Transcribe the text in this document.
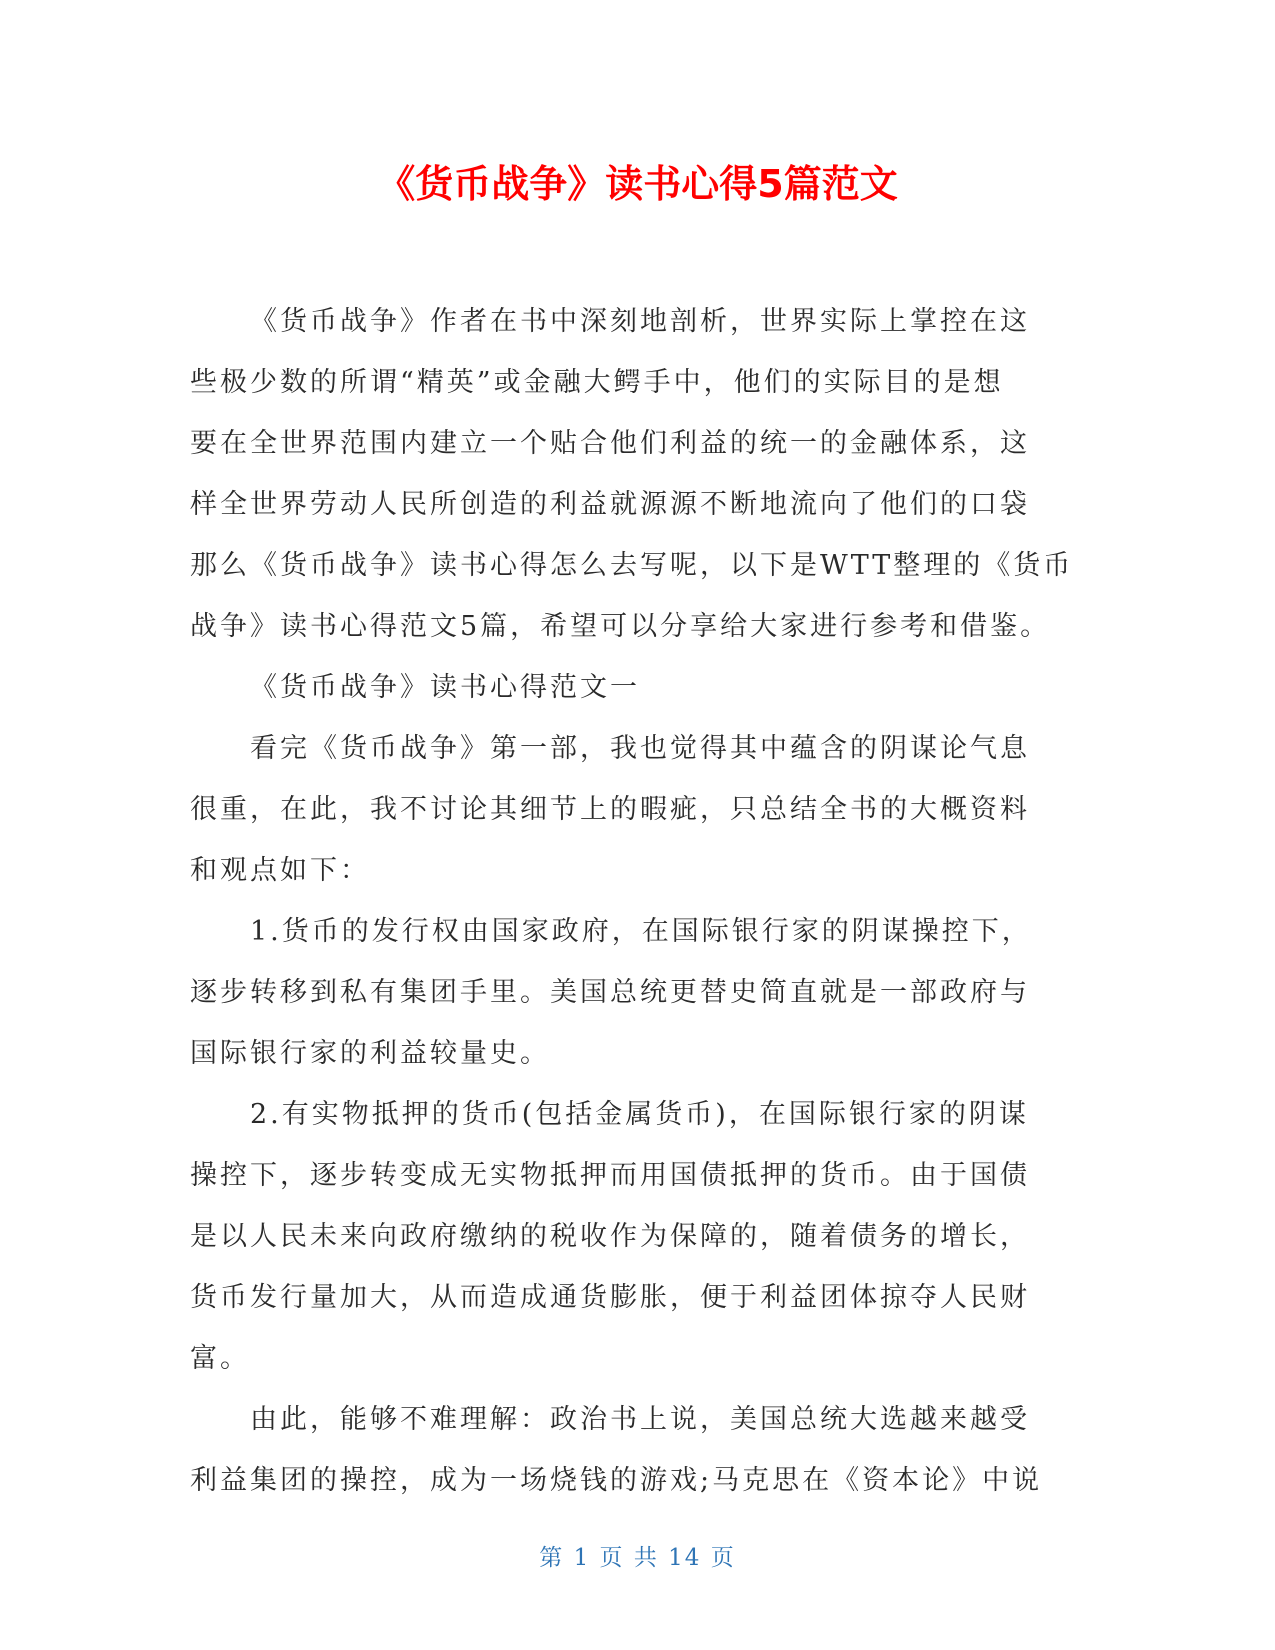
《货币战争》读书心得5篇范文
《货币战争》作者在书中深刻地剖析，世界实际上掌控在这
些极少数的所谓“精英”或金融大鳄手中，他们的实际目的是想
要在全世界范围内建立一个贴合他们利益的统一的金融体系，这
样全世界劳动人民所创造的利益就源源不断地流向了他们的口袋
那么《货币战争》读书心得怎么去写呢，以下是WTT整理的《货币
战争》读书心得范文5篇，希望可以分享给大家进行参考和借鉴。
《货币战争》读书心得范文一
看完《货币战争》第一部，我也觉得其中蕴含的阴谋论气息
很重，在此，我不讨论其细节上的暇疵，只总结全书的大概资料
和观点如下：
1.货币的发行权由国家政府，在国际银行家的阴谋操控下，
逐步转移到私有集团手里。美国总统更替史简直就是一部政府与
国际银行家的利益较量史。
2.有实物抵押的货币(包括金属货币)，在国际银行家的阴谋
操控下，逐步转变成无实物抵押而用国债抵押的货币。由于国债
是以人民未来向政府缴纳的税收作为保障的，随着债务的增长，
货币发行量加大，从而造成通货膨胀，便于利益团体掠夺人民财
富。
由此，能够不难理解：政治书上说，美国总统大选越来越受
利益集团的操控，成为一场烧钱的游戏;马克思在《资本论》中说
第 1 页 共 14 页
